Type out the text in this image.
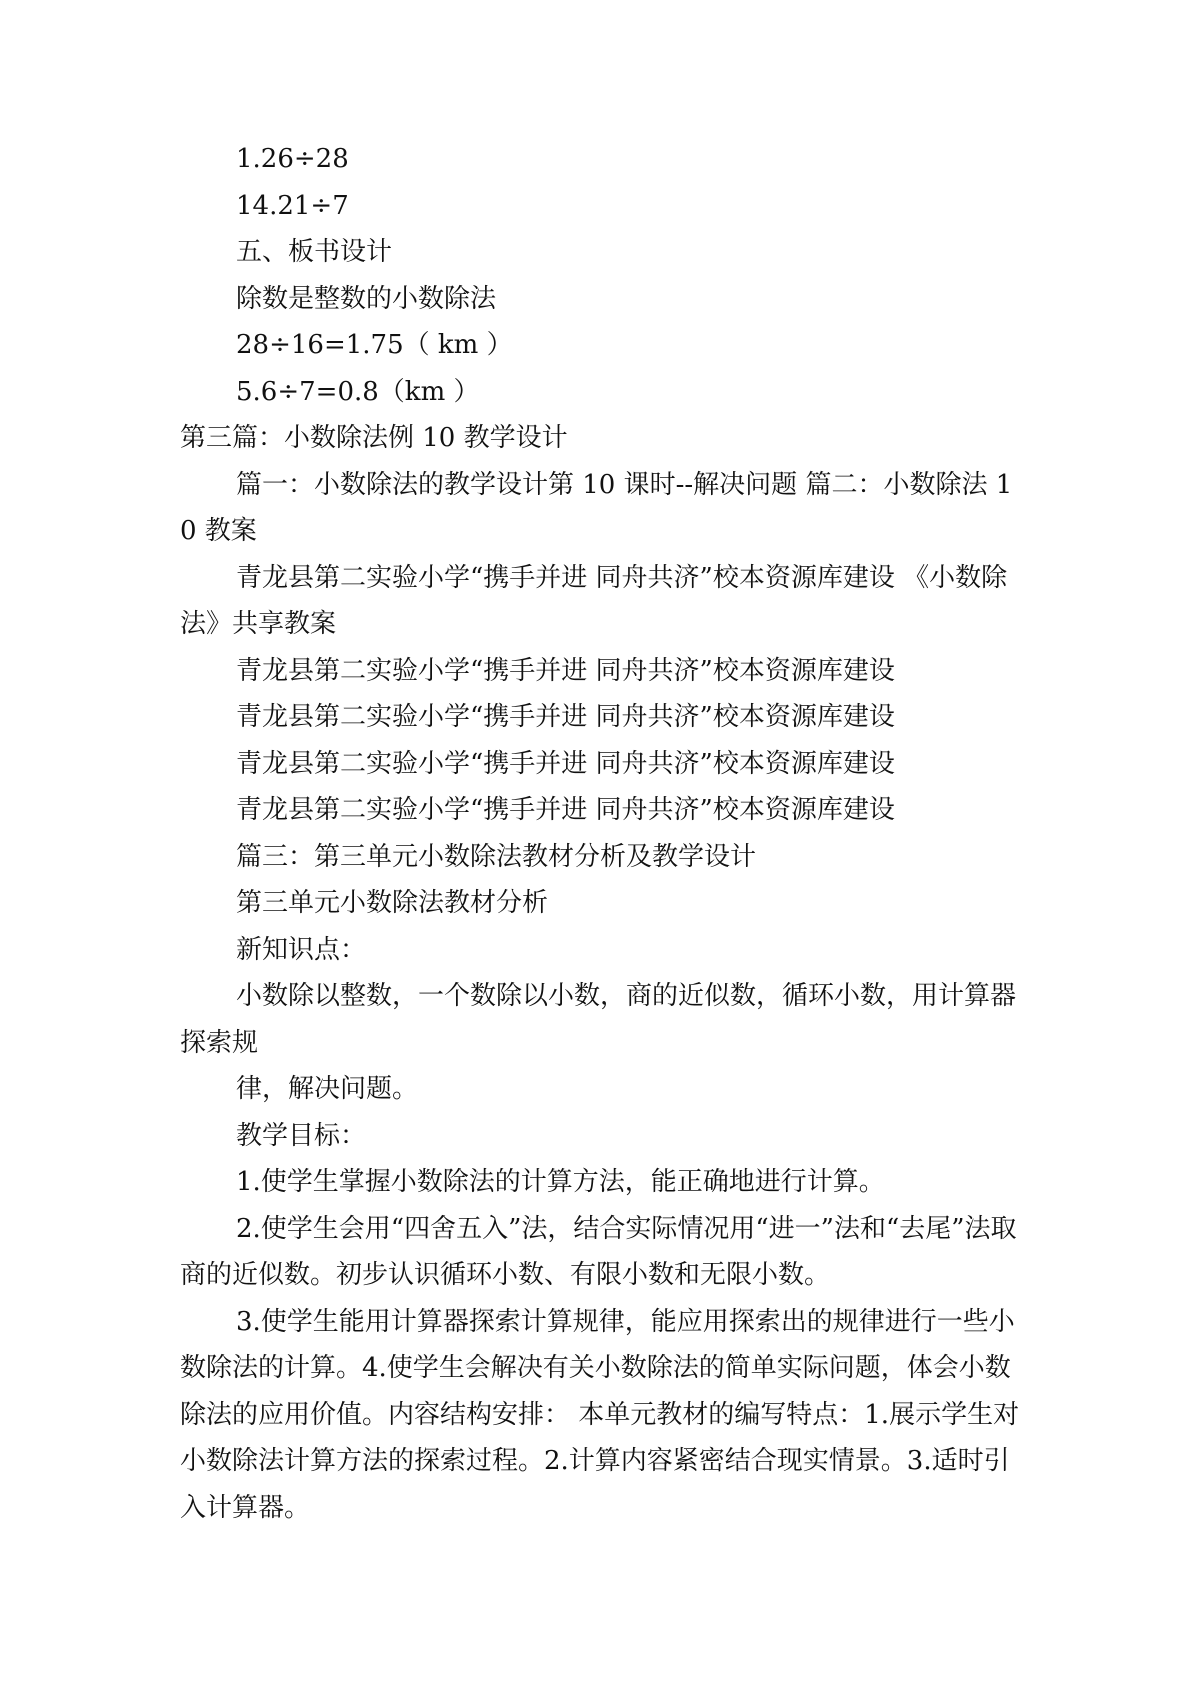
1.26÷28

14.21÷7

五、板书设计

除数是整数的小数除法

28÷16=1.75（ km ）

5.6÷7=0.8（km ）

第三篇：小数除法例 10 教学设计

篇一：小数除法的教学设计第 10 课时--解决问题 篇二：小数除法 10 教案

青龙县第二实验小学“携手并进 同舟共济”校本资源库建设 《小数除法》共享教案

青龙县第二实验小学“携手并进 同舟共济”校本资源库建设

青龙县第二实验小学“携手并进 同舟共济”校本资源库建设

青龙县第二实验小学“携手并进 同舟共济”校本资源库建设

青龙县第二实验小学“携手并进 同舟共济”校本资源库建设

篇三：第三单元小数除法教材分析及教学设计

第三单元小数除法教材分析

新知识点：

小数除以整数，一个数除以小数，商的近似数，循环小数，用计算器探索规

律，解决问题。

教学目标：

1.使学生掌握小数除法的计算方法，能正确地进行计算。

2.使学生会用“四舍五入”法，结合实际情况用“进一”法和“去尾”法取商的近似数。初步认识循环小数、有限小数和无限小数。

3.使学生能用计算器探索计算规律，能应用探索出的规律进行一些小数除法的计算。4.使学生会解决有关小数除法的简单实际问题，体会小数除法的应用价值。内容结构安排： 本单元教材的编写特点：1.展示学生对小数除法计算方法的探索过程。2.计算内容紧密结合现实情景。3.适时引入计算器。
